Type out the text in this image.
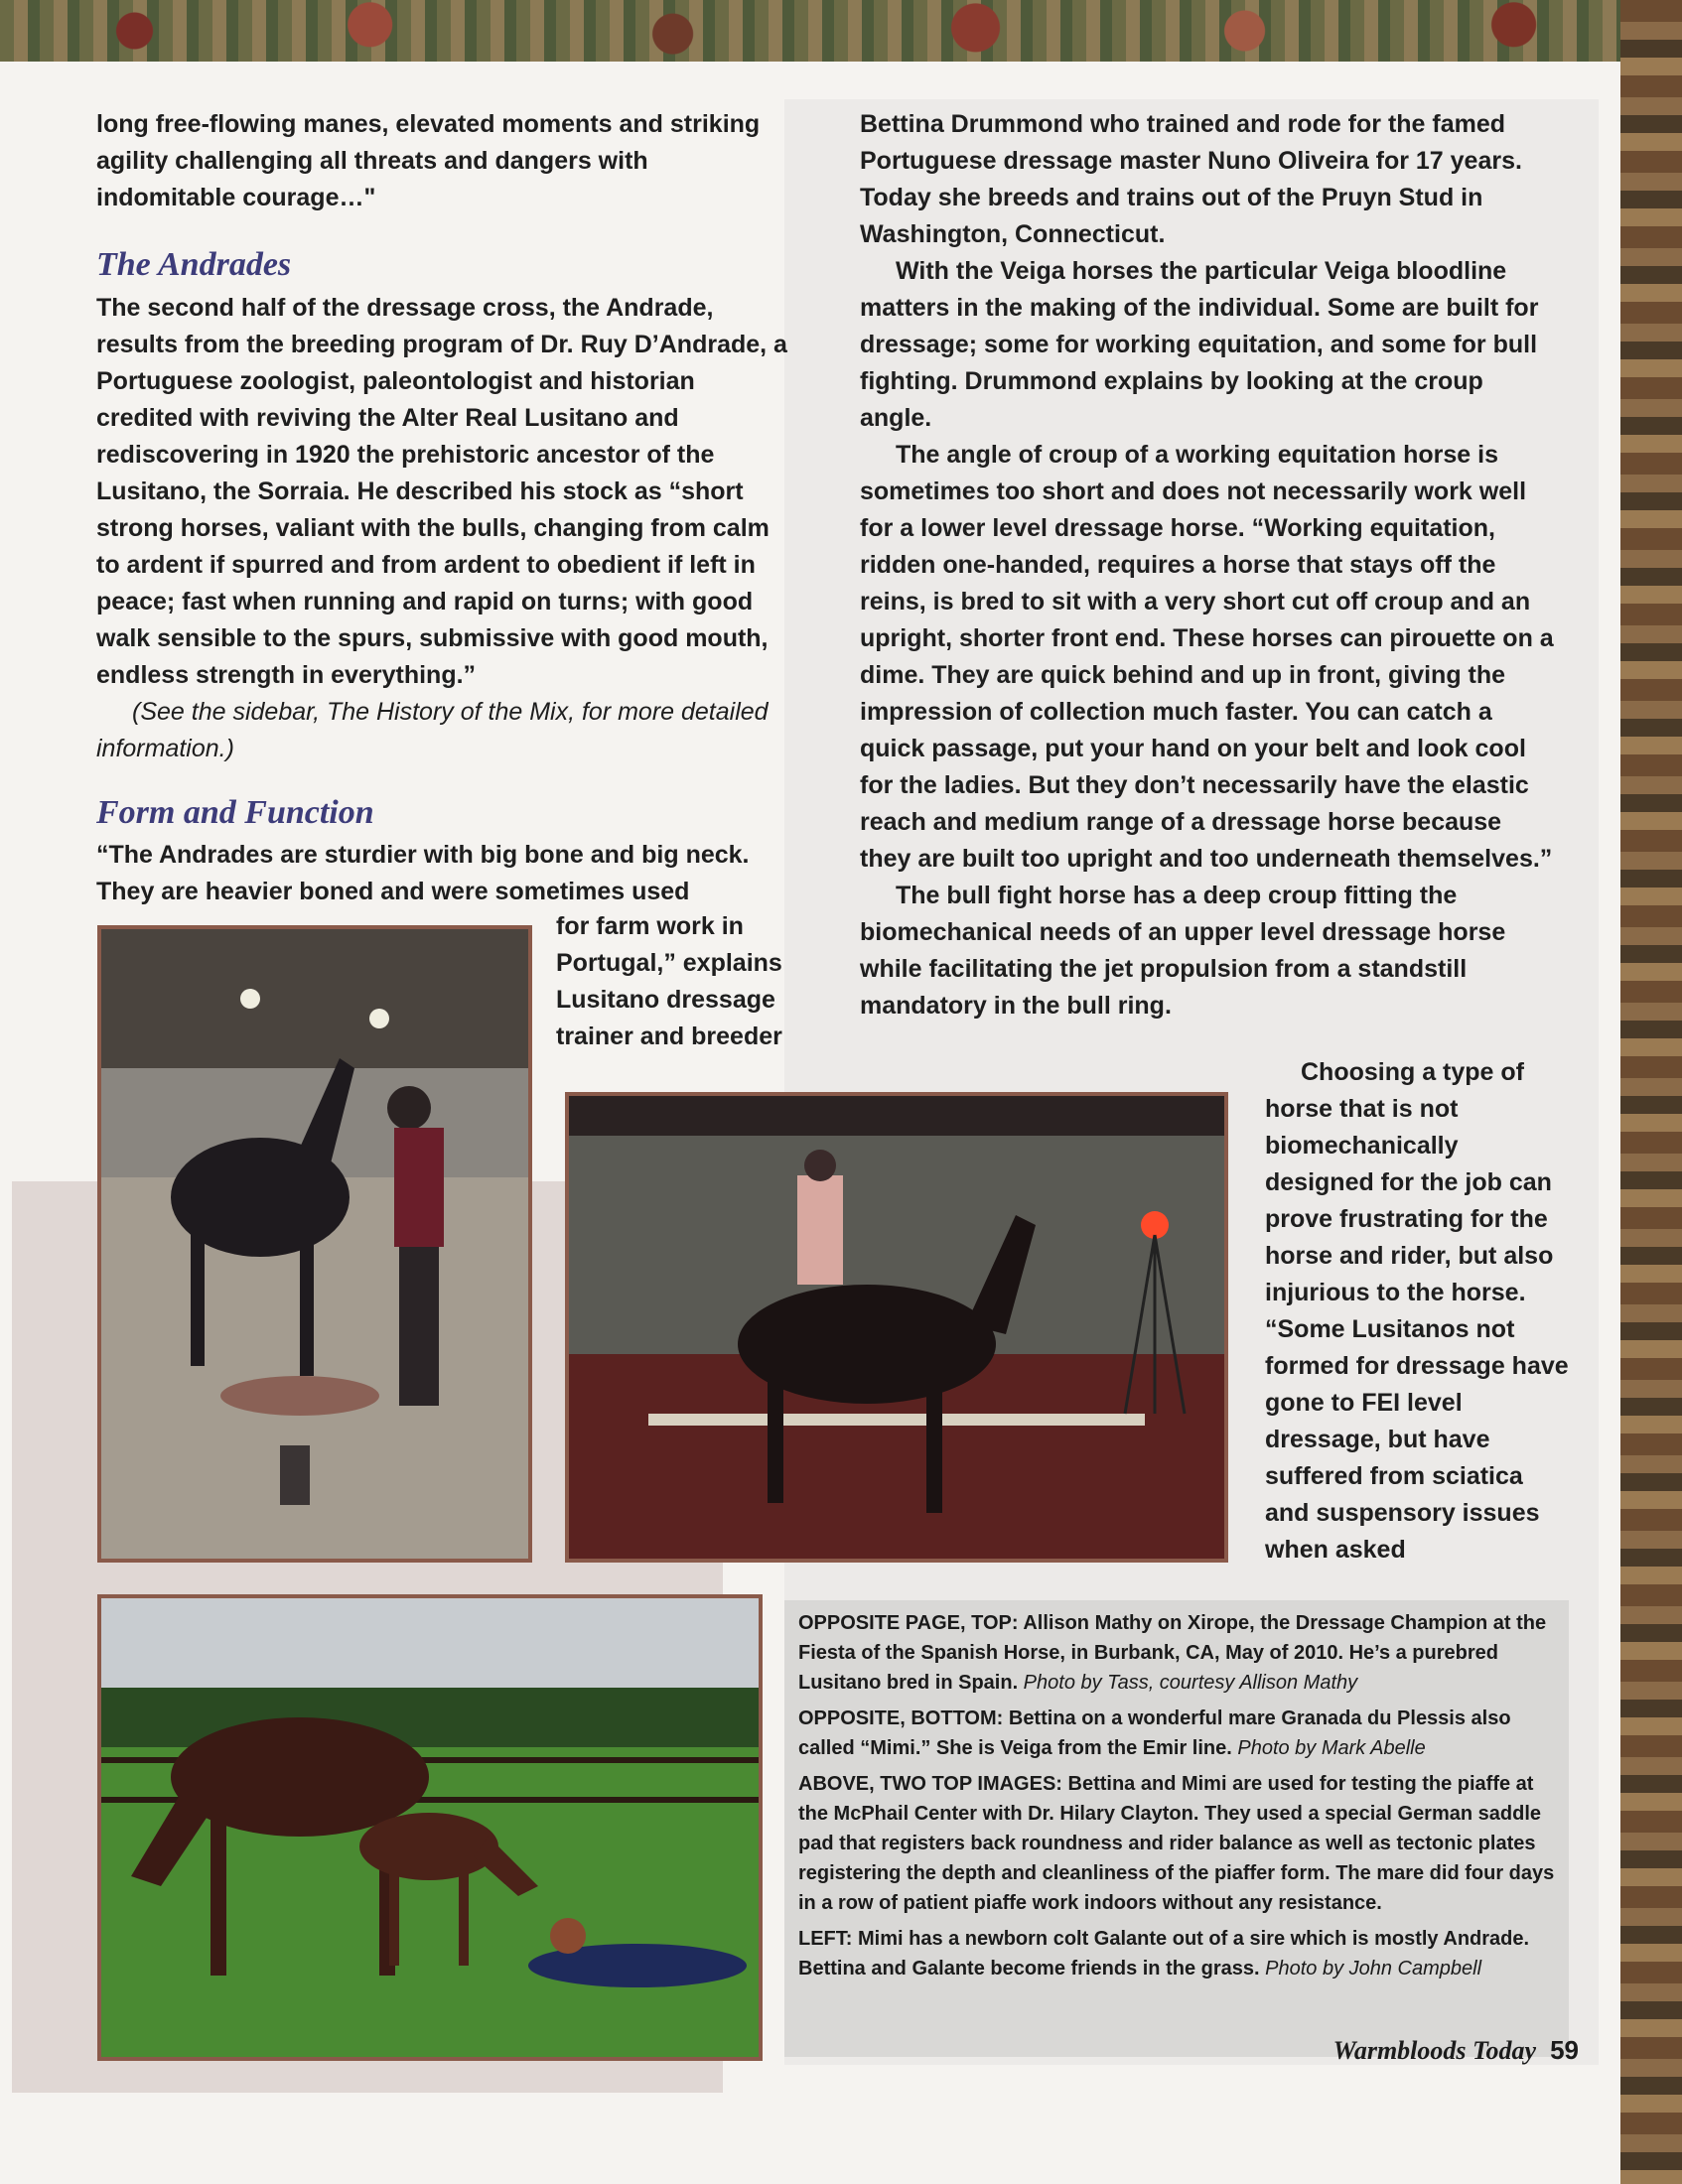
long free-flowing manes, elevated moments and striking agility challenging all threats and dangers with indomitable courage…"

The Andrades

The second half of the dressage cross, the Andrade, results from the breeding program of Dr. Ruy D’Andrade, a Portuguese zoologist, paleontologist and historian credited with reviving the Alter Real Lusitano and rediscovering in 1920 the prehistoric ancestor of the Lusitano, the Sorraia. He described his stock as “short strong horses, valiant with the bulls, changing from calm to ardent if spurred and from ardent to obedient if left in peace; fast when running and rapid on turns; with good walk sensible to the spurs, submissive with good mouth, endless strength in everything.”

(See the sidebar, The History of the Mix, for more detailed information.)

Form and Function

“The Andrades are sturdier with big bone and big neck. They are heavier boned and were sometimes used

for farm work in Portugal,” explains Lusitano dressage trainer and breeder

Bettina Drummond who trained and rode for the famed Portuguese dressage master Nuno Oliveira for 17 years. Today she breeds and trains out of the Pruyn Stud in Washington, Connecticut.

With the Veiga horses the particular Veiga bloodline matters in the making of the individual. Some are built for dressage; some for working equitation, and some for bull fighting. Drummond explains by looking at the croup angle.

The angle of croup of a working equitation horse is sometimes too short and does not necessarily work well for a lower level dressage horse. “Working equitation, ridden one-handed, requires a horse that stays off the reins, is bred to sit with a very short cut off croup and an upright, shorter front end. These horses can pirouette on a dime. They are quick behind and up in front, giving the impression of collection much faster. You can catch a quick passage, put your hand on your belt and look cool for the ladies. But they don’t necessarily have the elastic reach and medium range of a dressage horse because they are built too upright and too underneath themselves.”

The bull fight horse has a deep croup fitting the biomechanical needs of an upper level dressage horse while facilitating the jet propulsion from a standstill mandatory in the bull ring.

Choosing a type of horse that is not biomechanically designed for the job can prove frustrating for the horse and rider, but also injurious to the horse. “Some Lusitanos not formed for dressage have gone to FEI level dressage, but have suffered from sciatica and suspensory issues when asked

OPPOSITE PAGE, TOP: Allison Mathy on Xirope, the Dressage Champion at the Fiesta of the Spanish Horse, in Burbank, CA, May of 2010. He’s a purebred Lusitano bred in Spain. Photo by Tass, courtesy Allison Mathy

OPPOSITE, BOTTOM: Bettina on a wonderful mare Granada du Plessis also called “Mimi.” She is Veiga from the Emir line. Photo by Mark Abelle

ABOVE, TWO TOP IMAGES: Bettina and Mimi are used for testing the piaffe at the McPhail Center with Dr. Hilary Clayton. They used a special German saddle pad that registers back roundness and rider balance as well as tectonic plates registering the depth and cleanliness of the piaffer form. The mare did four days in a row of patient piaffe work indoors without any resistance.

LEFT: Mimi has a newborn colt Galante out of a sire which is mostly Andrade. Bettina and Galante become friends in the grass. Photo by John Campbell

Warmbloods Today 59
